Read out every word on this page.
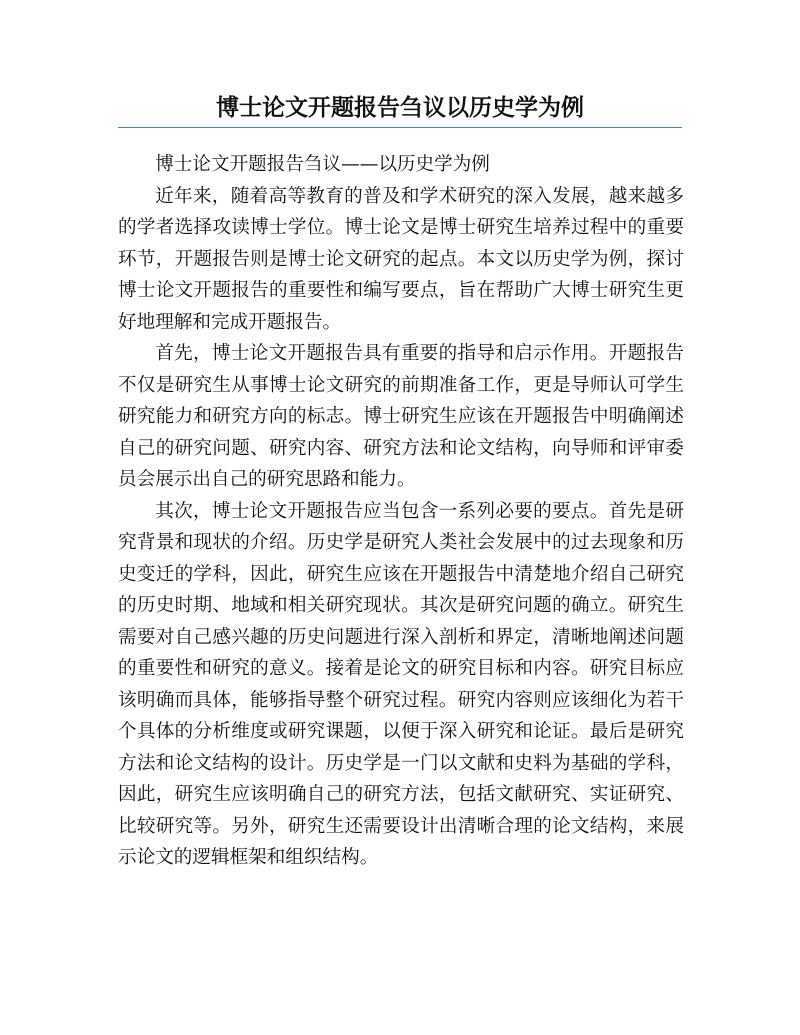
博士论文开题报告刍议以历史学为例

博士论文开题报告刍议——以历史学为例

近年来，随着高等教育的普及和学术研究的深入发展，越来越多的学者选择攻读博士学位。博士论文是博士研究生培养过程中的重要环节，开题报告则是博士论文研究的起点。本文以历史学为例，探讨博士论文开题报告的重要性和编写要点，旨在帮助广大博士研究生更好地理解和完成开题报告。

首先，博士论文开题报告具有重要的指导和启示作用。开题报告不仅是研究生从事博士论文研究的前期准备工作，更是导师认可学生研究能力和研究方向的标志。博士研究生应该在开题报告中明确阐述自己的研究问题、研究内容、研究方法和论文结构，向导师和评审委员会展示出自己的研究思路和能力。

其次，博士论文开题报告应当包含一系列必要的要点。首先是研究背景和现状的介绍。历史学是研究人类社会发展中的过去现象和历史变迁的学科，因此，研究生应该在开题报告中清楚地介绍自己研究的历史时期、地域和相关研究现状。其次是研究问题的确立。研究生需要对自己感兴趣的历史问题进行深入剖析和界定，清晰地阐述问题的重要性和研究的意义。接着是论文的研究目标和内容。研究目标应该明确而具体，能够指导整个研究过程。研究内容则应该细化为若干个具体的分析维度或研究课题，以便于深入研究和论证。最后是研究方法和论文结构的设计。历史学是一门以文献和史料为基础的学科，因此，研究生应该明确自己的研究方法，包括文献研究、实证研究、比较研究等。另外，研究生还需要设计出清晰合理的论文结构，来展示论文的逻辑框架和组织结构。
